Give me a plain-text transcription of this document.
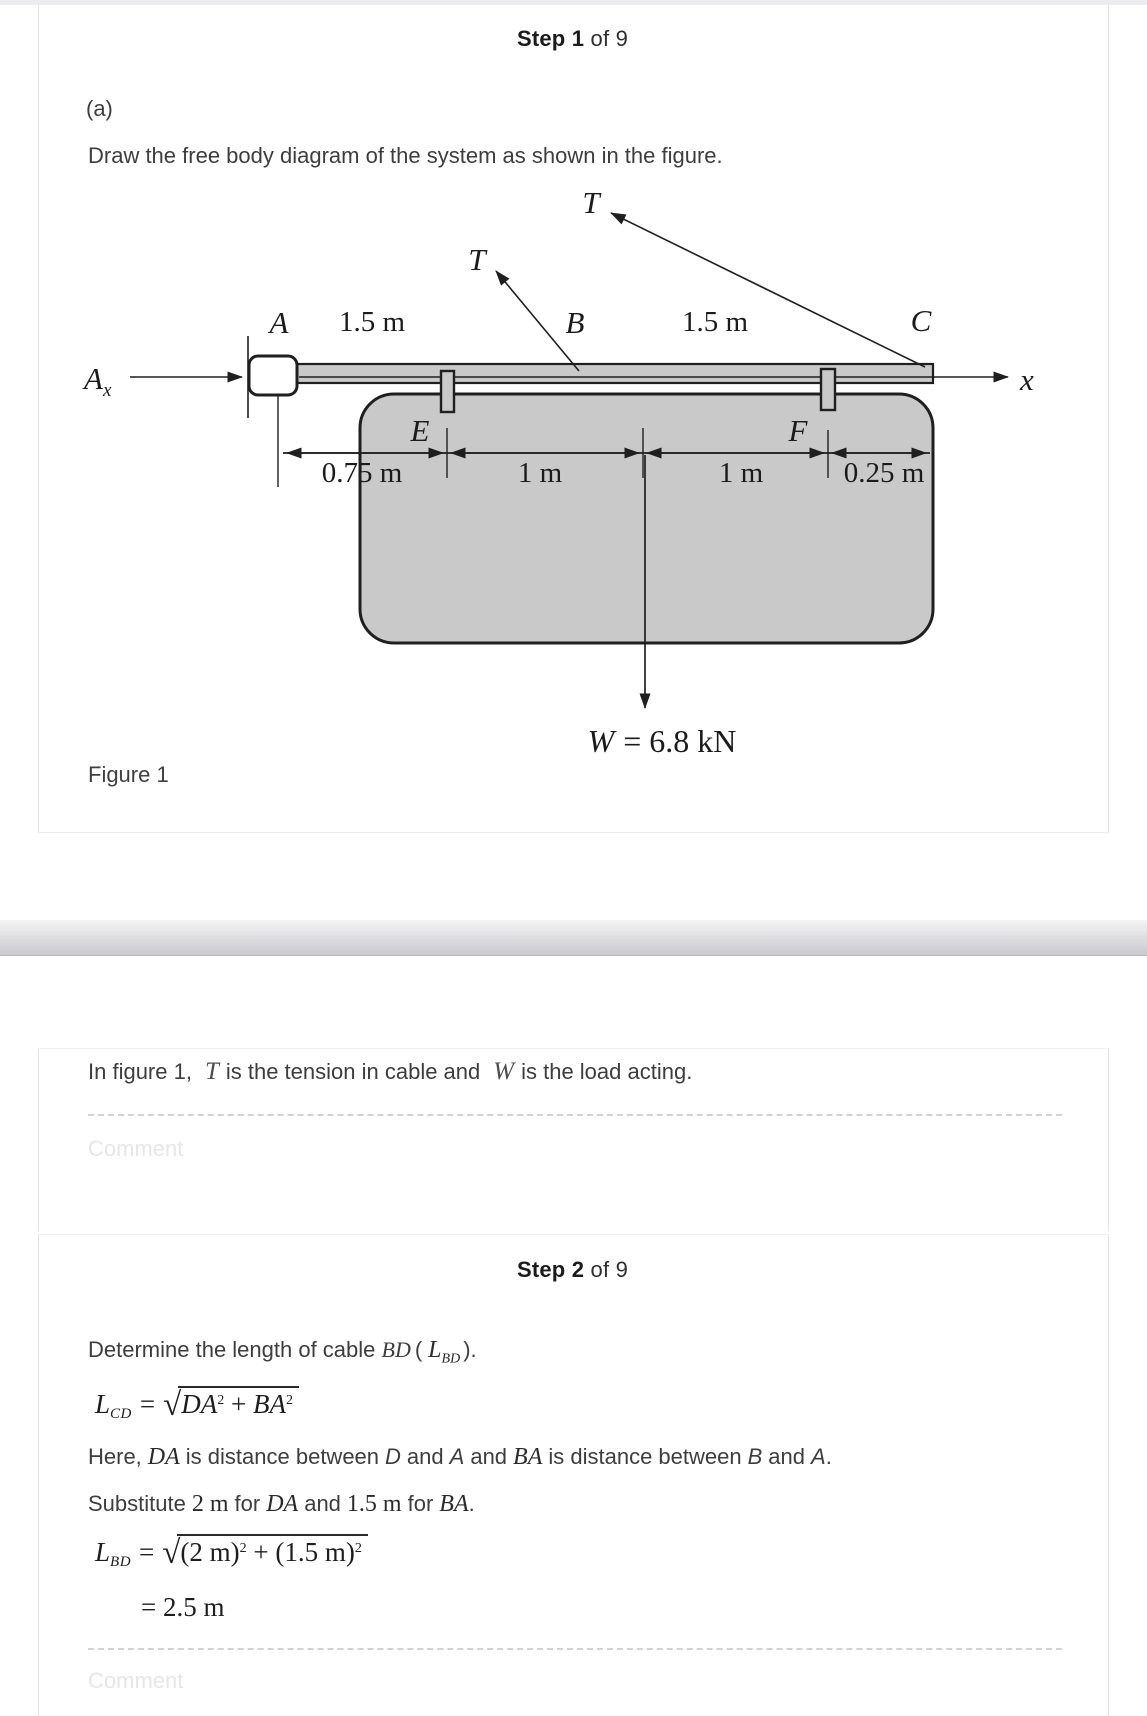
Step 1 of 9
(a)
Draw the free body diagram of the system as shown in the figure.
T
T
A 1.5 m	B	1.5 m	C
Ax	x
E	F
0.75 m	1 m	1 m	0.25 m
W = 6.8 kN
Figure 1
In figure 1, T is the tension in cable and W is the load acting.
Comment
Step 2 of 9
Determine the length of cable BD ( $L_{BD}$ ).
$L_{CD} = √DA^2 + BA^2$
Here, DA is distance between D and A and BA is distance between B and A.
Substitute 2 m for DA and 1.5 m for BA.
$L_{BD} = √(2$ m)$^2$ + (1.5 m)$^2$
= 2.5 m
Comment
